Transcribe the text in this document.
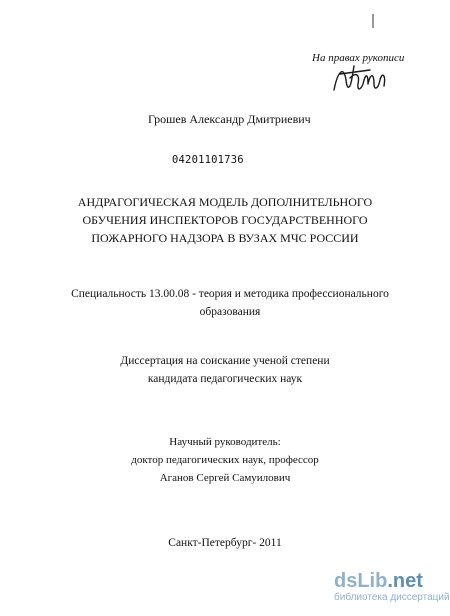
На правах рукописи
Грошев Александр Дмитриевич
04201101736
АНДРАГОГИЧЕСКАЯ МОДЕЛЬ ДОПОЛНИТЕЛЬНОГО
ОБУЧЕНИЯ ИНСПЕКТОРОВ ГОСУДАРСТВЕННОГО
ПОЖАРНОГО НАДЗОРА В ВУЗАХ МЧС РОССИИ
Специальность 13.00.08 - теория и методика профессионального
образования
Диссертация на соискание ученой степени
кандидата педагогических наук
Научный руководитель:
доктор педагогических наук, профессор
Аганов Сергей Самуилович
Санкт-Петербург- 2011
dsLib.net
библиотека диссертаций
